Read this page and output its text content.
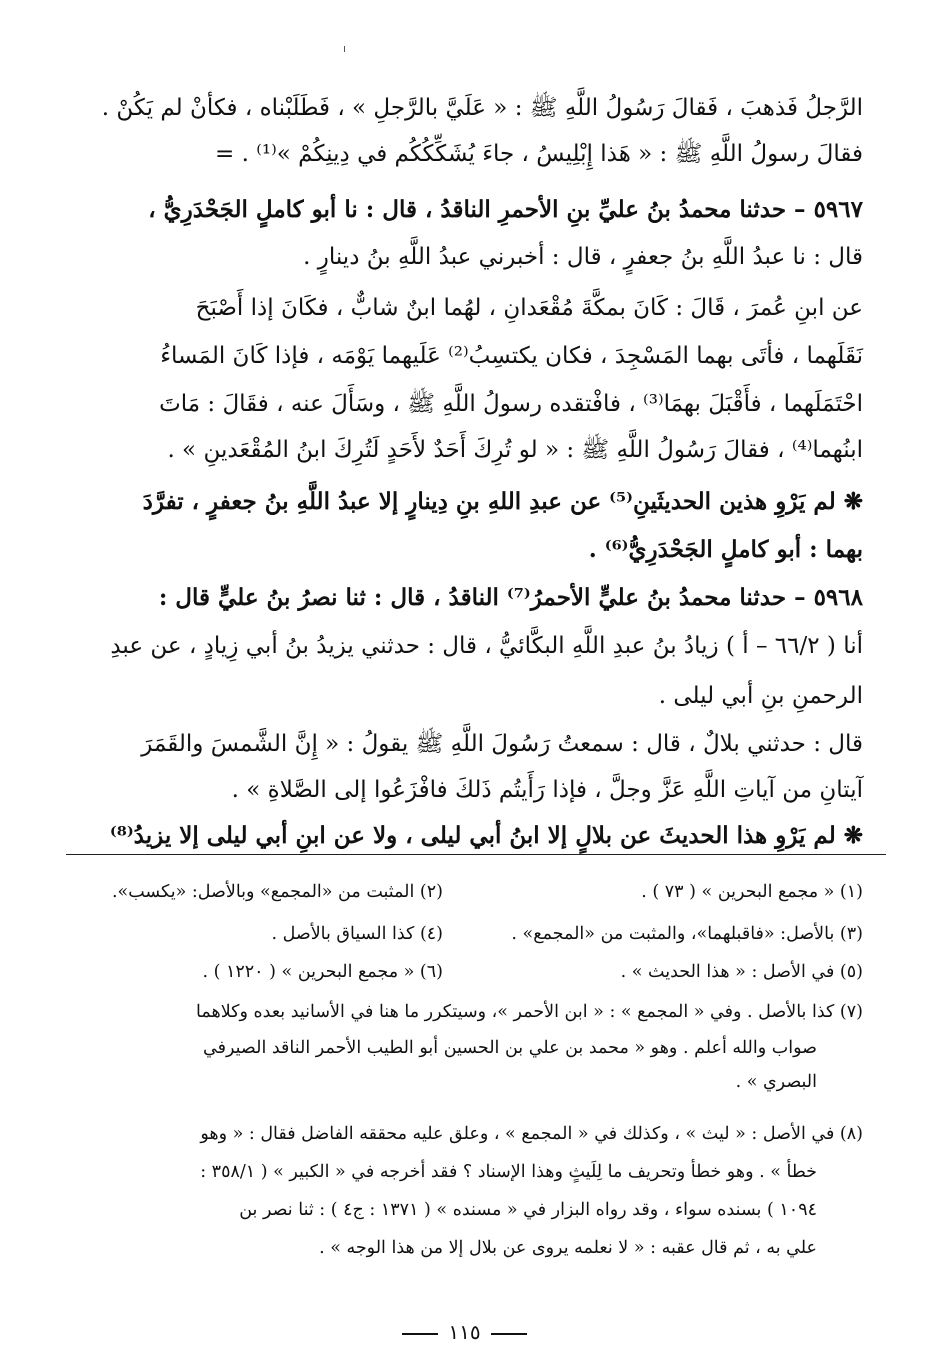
الرَّجلُ فَذهبَ ، فَقالَ رَسُولُ اللَّهِ ﷺ : « عَلَيَّ بالرَّجلِ » ، فَطَلَبْناه ، فكأنْ لم يَكُنْ .
فقالَ رسولُ اللَّهِ ﷺ : « هَذا إِبْلِيسُ ، جاءَ يُشَكِّكُكُم في دِينِكُمْ »⁽¹⁾ . =
٥٩٦٧ – حدثنا محمدُ بنُ عليِّ بنِ الأحمرِ الناقدُ ، قال : نا أبو كاملٍ الجَحْدَرِيُّ ،
قال : نا عبدُ اللَّهِ بنُ جعفرٍ ، قال : أخبرني عبدُ اللَّهِ بنُ دينارٍ .
عن ابنِ عُمرَ ، قَالَ : كَانَ بمكَّةَ مُقْعَدانِ ، لهُما ابنٌ شابٌّ ، فكَانَ إذا أَصْبَحَ
نَقَلَهما ، فأتَى بهما المَسْجِدَ ، فكان يكتسِبُ⁽²⁾ عَلَيهما يَوْمَه ، فإذا كَانَ المَساءُ
احْتَمَلَهما ، فأَقْبَلَ بهمَا⁽³⁾ ، فافْتقده رسولُ اللَّهِ ﷺ ، وسَأَلَ عنه ، فقَالَ : مَاتَ
ابنُهما⁽⁴⁾ ، فقالَ رَسُولُ اللَّهِ ﷺ : « لو تُرِكَ أَحَدٌ لأَحَدٍ لَتُرِكَ ابنُ المُقْعَدينِ » .
❋ لم يَرْوِ هذين الحديثَينِ⁽⁵⁾ عن عبدِ اللهِ بنِ دِينارٍ إلا عبدُ اللَّهِ بنُ جعفرٍ ، تفرَّدَ
بهما : أبو كاملٍ الجَحْدَرِيُّ⁽⁶⁾ .
٥٩٦٨ – حدثنا محمدُ بنُ عليٍّ الأحمرُ⁽⁷⁾ الناقدُ ، قال : ثنا نصرُ بنُ عليٍّ قال :
أنا ( ٦٦/٢ – أ ) زيادُ بنُ عبدِ اللَّهِ البكَّائيُّ ، قال : حدثني يزيدُ بنُ أبي زِيادٍ ، عن عبدِ
الرحمنِ بنِ أبي ليلى .
قال : حدثني بلالٌ ، قال : سمعتُ رَسُولَ اللَّهِ ﷺ يقولُ : « إِنَّ الشَّمسَ والقَمَرَ
آيتانِ من آياتِ اللَّهِ عَزَّ وجلَّ ، فإذا رَأَيتُم ذَلكَ فافْزَعُوا إلى الصَّلاةِ » .
❋ لم يَرْوِ هذا الحديثَ عن بلالٍ إلا ابنُ أبي ليلى ، ولا عن ابنِ أبي ليلى إلا يزيدُ⁽⁸⁾
(١) « مجمع البحرين » ( ٧٣ ) .
(٢) المثبت من «المجمع» وبالأصل: «يكسب».
(٣) بالأصل: «فاقبلهما»، والمثبت من «المجمع» .
(٤) كذا السياق بالأصل .
(٥) في الأصل : « هذا الحديث » .
(٦) « مجمع البحرين » ( ١٢٢٠ ) .
(٧) كذا بالأصل . وفي « المجمع » : « ابن الأحمر »، وسيتكرر ما هنا في الأسانيد بعده وكلاهما
صواب والله أعلم . وهو « محمد بن علي بن الحسين أبو الطيب الأحمر الناقد الصيرفي
البصري » .
(٨) في الأصل : « ليث » ، وكذلك في « المجمع » ، وعلق عليه محققه الفاضل فقال : « وهو
خطأ » . وهو خطأ وتحريف ما لِلَيثٍ وهذا الإسناد ؟ فقد أخرجه في « الكبير » ( ٣٥٨/١ :
١٠٩٤ ) بسنده سواء ، وقد رواه البزار في « مسنده » ( ١٣٧١ : ج٤ ) : ثنا نصر بن
علي به ، ثم قال عقبه : « لا نعلمه يروى عن بلال إلا من هذا الوجه » .
١١٥
